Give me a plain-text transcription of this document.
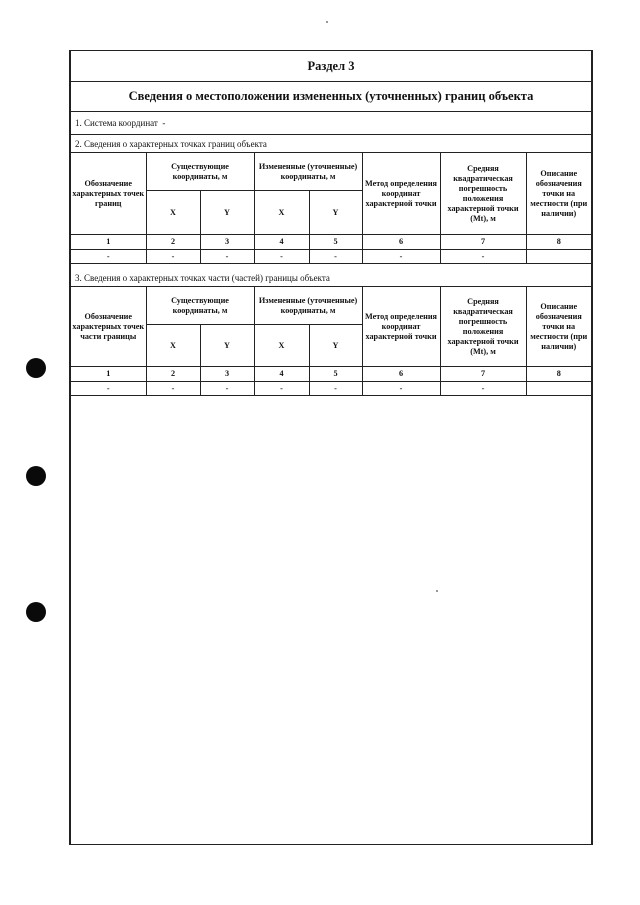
Раздел 3
Сведения о местоположении измененных (уточненных) границ объекта
1. Система координат
-
2. Сведения о характерных точках границ объекта
Обозначение характерных точек границ	Существующие координаты, м		Измененные (уточненные) координаты, м		Метод определения координат характерной точки	Средняя квадратическая погрешность положения характерной точки (Mt), м	Описание обозначения точки на местности (при наличии)
	X	Y	X	Y			
1	2	3	4	5	6	7	8
-	-	-	-	-	-	-	
3. Сведения о характерных точках части (частей) границы объекта
Обозначение характерных точек части границы	Существующие координаты, м		Измененные (уточненные) координаты, м		Метод определения координат характерной точки	Средняя квадратическая погрешность положения характерной точки (Mt), м	Описание обозначения точки на местности (при наличии)
	X	Y	X	Y			
1	2	3	4	5	6	7	8
-	-	-	-	-	-	-	
